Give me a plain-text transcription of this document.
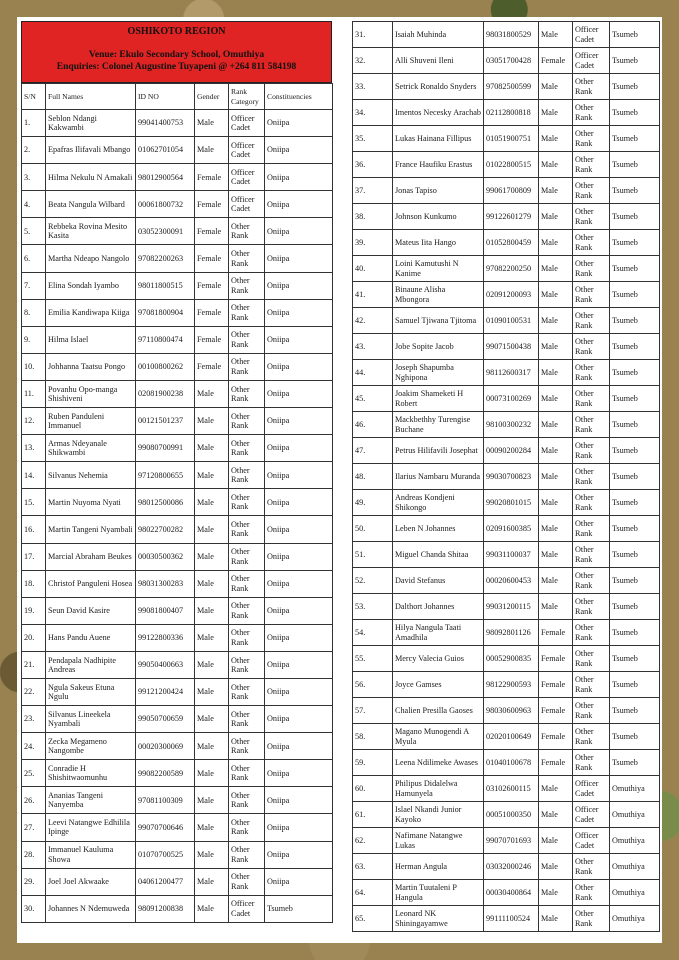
OSHIKOTO REGION
Venue: Ekulo Secondary School, Omuthiya
Enquiries: Colonel Augustine Tuyapeni @ +264 811 584198
S/N	Full Names	ID NO	Gender	Rank Category	Constituencies
1.	Seblon Ndangi Kakwambi	99041400753	Male	Officer Cadet	Oniipa
2.	Epafras Ilifavali Mbango	01062701054	Male	Officer Cadet	Oniipa
3.	Hilma Nekulu N Amakali	98012900564	Female	Officer Cadet	Oniipa
4.	Beata Nangula Wilbard	00061800732	Female	Officer Cadet	Oniipa
5.	Rebbeka Rovina Mesito Kasita	03052300091	Female	Other Rank	Oniipa
6.	Martha Ndeapo Nangolo	97082200263	Female	Other Rank	Oniipa
7.	Elina Sondah Iyambo	98011800515	Female	Other Rank	Oniipa
8.	Emilia Kandiwapa Kiiga	97081800904	Female	Other Rank	Oniipa
9.	Hilma Islael	97110800474	Female	Other Rank	Oniipa
10.	Johhanna Taatsu Pongo	00100800262	Female	Other Rank	Oniipa
11.	Povanhu Opo-manga Shishiveni	02081900238	Male	Other Rank	Oniipa
12.	Ruben Panduleni Immanuel	00121501237	Male	Other Rank	Oniipa
13.	Armas Ndeyanale Shikwambi	99080700991	Male	Other Rank	Oniipa
14.	Silvanus Nehemia	97120800655	Male	Other Rank	Oniipa
15.	Martin Nuyoma Nyati	98012500086	Male	Other Rank	Oniipa
16.	Martin Tangeni Nyambali	98022700282	Male	Other Rank	Oniipa
17.	Marcial Abraham Beukes	00030500362	Male	Other Rank	Oniipa
18.	Christof Panguleni Hosea	98031300283	Male	Other Rank	Oniipa
19.	Seun David Kasire	99081800407	Male	Other Rank	Oniipa
20.	Hans Pandu Auene	99122800336	Male	Other Rank	Oniipa
21.	Pendapala Nadhipite Andreas	99050400663	Male	Other Rank	Oniipa
22.	Ngula Sakeus Etuna Ngulu	99121200424	Male	Other Rank	Oniipa
23.	Silvanus Lineekela Nyambali	99050700659	Male	Other Rank	Oniipa
24.	Zecka Megameno Nangombe	00020300069	Male	Other Rank	Oniipa
25.	Conradie H Shishitwaomunhu	99082200589	Male	Other Rank	Oniipa
26.	Ananias Tangeni Nanyemba	97081100309	Male	Other Rank	Oniipa
27.	Leevi Natangwe Edhilila Ipinge	99070700646	Male	Other Rank	Oniipa
28.	Immanuel Kauluma Showa	01070700525	Male	Other Rank	Oniipa
29.	Joel Joel Akwaake	04061200477	Male	Other Rank	Oniipa
30.	Johannes N Ndemuweda	98091200838	Male	Officer Cadet	Tsumeb
31.	Isaiah Muhinda	98031800529	Male	Officer Cadet	Tsumeb
32.	Alli Shuveni Ileni	03051700428	Female	Officer Cadet	Tsumeb
33.	Setrick Ronaldo Snyders	97082500599	Male	Other Rank	Tsumeb
34.	Imentos Necesky Arachab	02112800818	Male	Other Rank	Tsumeb
35.	Lukas Hainana Fillipus	01051900751	Male	Other Rank	Tsumeb
36.	France Haufiku Erastus	01022800515	Male	Other Rank	Tsumeb
37.	Jonas Tapiso	99061700809	Male	Other Rank	Tsumeb
38.	Johnson Kunkumo	99122601279	Male	Other Rank	Tsumeb
39.	Mateus Iita Hango	01052800459	Male	Other Rank	Tsumeb
40.	Loini Kamutushi N Kanime	97082200250	Male	Other Rank	Tsumeb
41.	Binaune Alisha Mbongora	02091200093	Male	Other Rank	Tsumeb
42.	Samuel Tjiwana Tjitoma	01090100531	Male	Other Rank	Tsumeb
43.	Jobe Sopite Jacob	99071500438	Male	Other Rank	Tsumeb
44.	Joseph Shapumba Nghipona	98112600317	Male	Other Rank	Tsumeb
45.	Joakim Shameketi H Robert	00073100269	Male	Other Rank	Tsumeb
46.	Mackbethhy Turengise Buchane	98100300232	Male	Other Rank	Tsumeb
47.	Petrus Hilifavili Josephat	00090200284	Male	Other Rank	Tsumeb
48.	Ilarius Nambaru Muranda	99030700823	Male	Other Rank	Tsumeb
49.	Andreas Kondjeni Shikongo	99020801015	Male	Other Rank	Tsumeb
50.	Leben N Johannes	02091600385	Male	Other Rank	Tsumeb
51.	Miguel Chanda Shitaa	99031100037	Male	Other Rank	Tsumeb
52.	David Stefanus	00020600453	Male	Other Rank	Tsumeb
53.	Dalthort Johannes	99031200115	Male	Other Rank	Tsumeb
54.	Hilya Nangula Taati Amadhila	98092801126	Female	Other Rank	Tsumeb
55.	Mercy Valecia Guios	00052900835	Female	Other Rank	Tsumeb
56.	Joyce Gamses	98122900593	Female	Other Rank	Tsumeb
57.	Chalien Presilla Gaoses	98030600963	Female	Other Rank	Tsumeb
58.	Magano Munogendi A Myula	02020100649	Female	Other Rank	Tsumeb
59.	Leena Ndilimeke Awases	01040100678	Female	Other Rank	Tsumeb
60.	Philipus Didalelwa Hamunyela	03102600115	Male	Officer Cadet	Omuthiya
61.	Islael Nkandi Junior Kayoko	00051000350	Male	Officer Cadet	Omuthiya
62.	Nafimane Natangwe Lukas	99070701693	Male	Officer Cadet	Omuthiya
63.	Herman Angula	03032000246	Male	Other Rank	Omuthiya
64.	Martin Tuutaleni P Hangula	00030400864	Male	Other Rank	Omuthiya
65.	Leonard NK Shiningayamwe	99111100524	Male	Other Rank	Omuthiya
